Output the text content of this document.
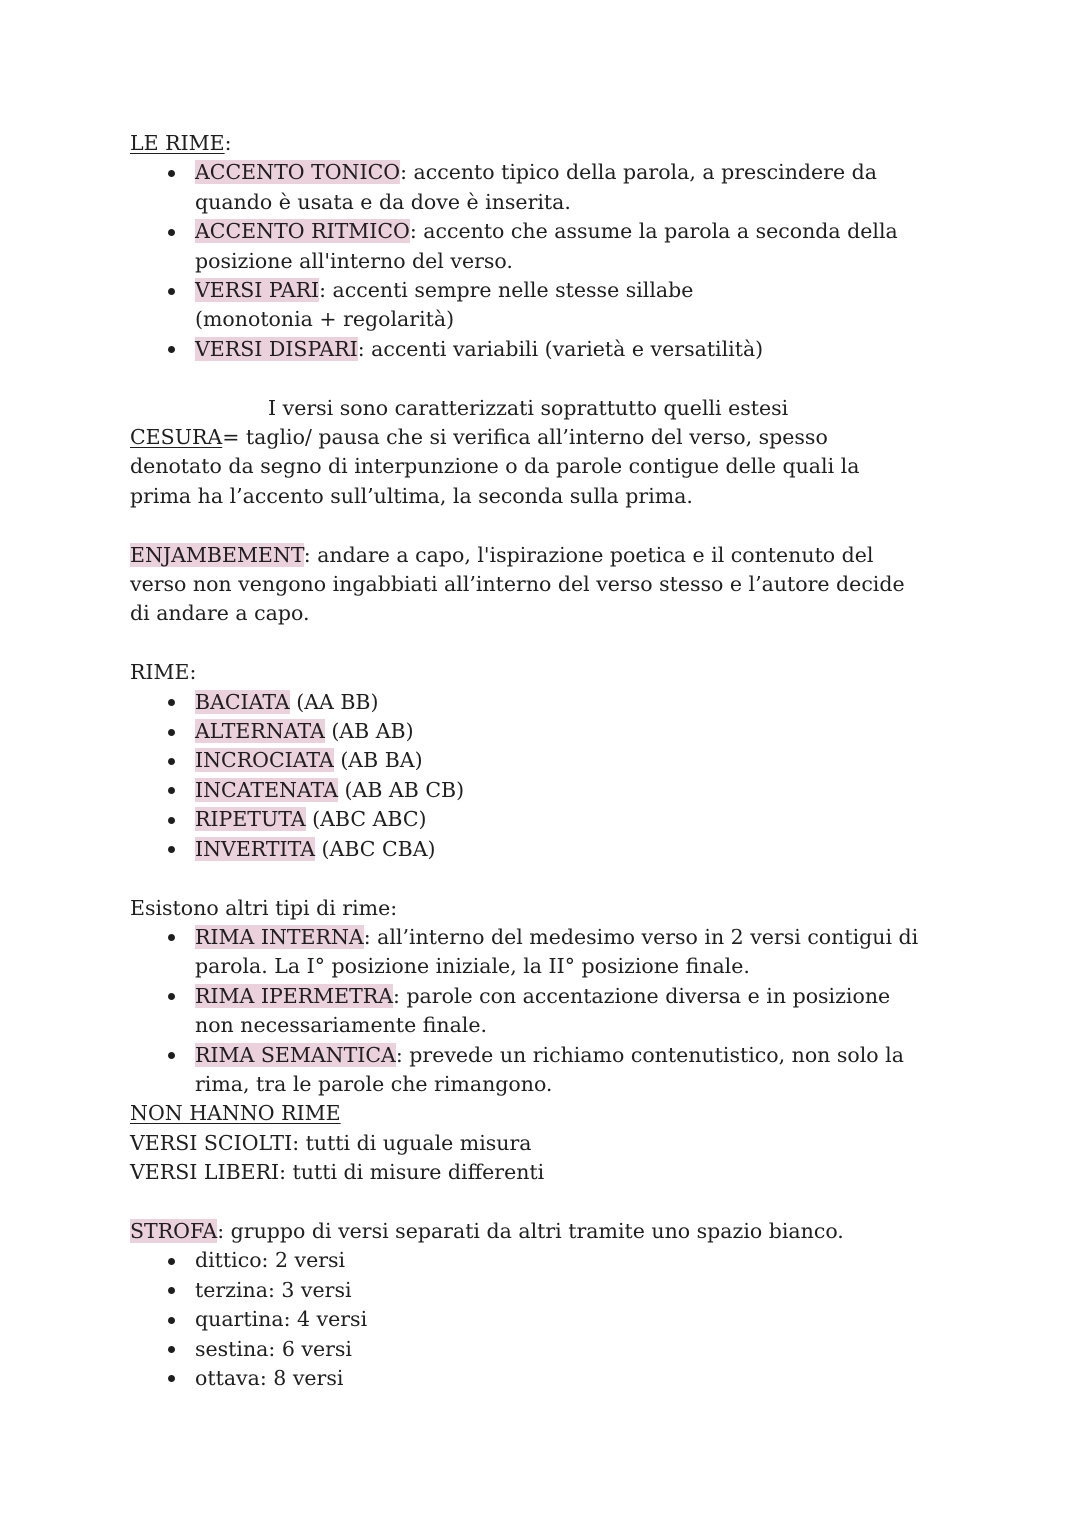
LE RIME:
ACCENTO TONICO: accento tipico della parola, a prescindere da
quando è usata e da dove è inserita.
ACCENTO RITMICO: accento che assume la parola a seconda della
posizione all'interno del verso.
VERSI PARI: accenti sempre nelle stesse sillabe
(monotonia + regolarità)
VERSI DISPARI: accenti variabili (varietà e versatilità)
I versi sono caratterizzati soprattutto quelli estesi
CESURA= taglio/ pausa che si verifica all’interno del verso, spesso
denotato da segno di interpunzione o da parole contigue delle quali la
prima ha l’accento sull’ultima, la seconda sulla prima.
ENJAMBEMENT: andare a capo, l'ispirazione poetica e il contenuto del
verso non vengono ingabbiati all’interno del verso stesso e l’autore decide
di andare a capo.
RIME:
BACIATA (AA BB)
ALTERNATA (AB AB)
INCROCIATA (AB BA)
INCATENATA (AB AB CB)
RIPETUTA (ABC ABC)
INVERTITA (ABC CBA)
Esistono altri tipi di rime:
RIMA INTERNA: all’interno del medesimo verso in 2 versi contigui di
parola. La I° posizione iniziale, la II° posizione finale.
RIMA IPERMETRA: parole con accentazione diversa e in posizione
non necessariamente finale.
RIMA SEMANTICA: prevede un richiamo contenutistico, non solo la
rima, tra le parole che rimangono.
NON HANNO RIME
VERSI SCIOLTI: tutti di uguale misura
VERSI LIBERI: tutti di misure differenti
STROFA: gruppo di versi separati da altri tramite uno spazio bianco.
dittico: 2 versi
terzina: 3 versi
quartina: 4 versi
sestina: 6 versi
ottava: 8 versi
